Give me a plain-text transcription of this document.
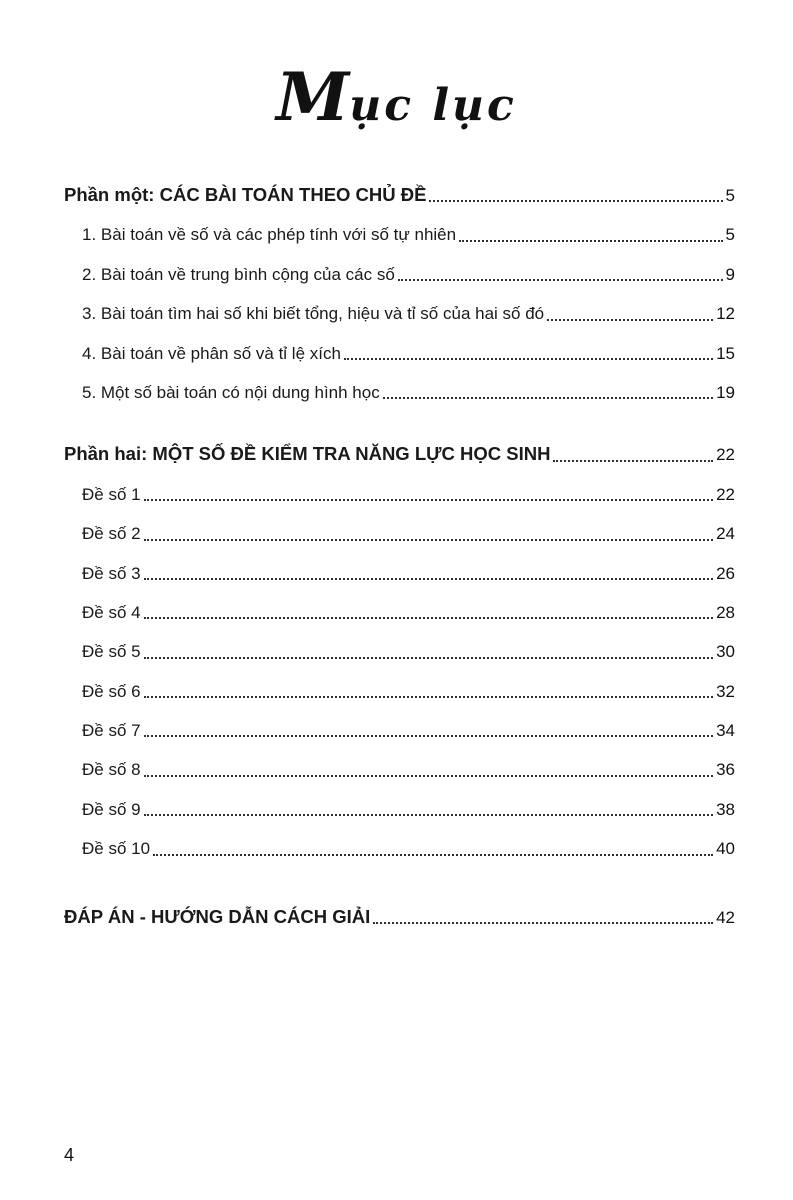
Mục lục
Phần một: CÁC BÀI TOÁN THEO CHỦ ĐỀ	5
1. Bài toán về số và các phép tính với số tự nhiên	5
2. Bài toán về trung bình cộng của các số	9
3. Bài toán tìm hai số khi biết tổng, hiệu và tỉ số của hai số đó	12
4. Bài toán về phân số và tỉ lệ xích	15
5. Một số bài toán có nội dung hình học	19
Phần hai: MỘT SỐ ĐỀ KIỂM TRA NĂNG LỰC HỌC SINH	22
Đề số 1	22
Đề số 2	24
Đề số 3	26
Đề số 4	28
Đề số 5	30
Đề số 6	32
Đề số 7	34
Đề số 8	36
Đề số 9	38
Đề số 10	40
ĐÁP ÁN - HƯỚNG DẪN CÁCH GIẢI	42
4
